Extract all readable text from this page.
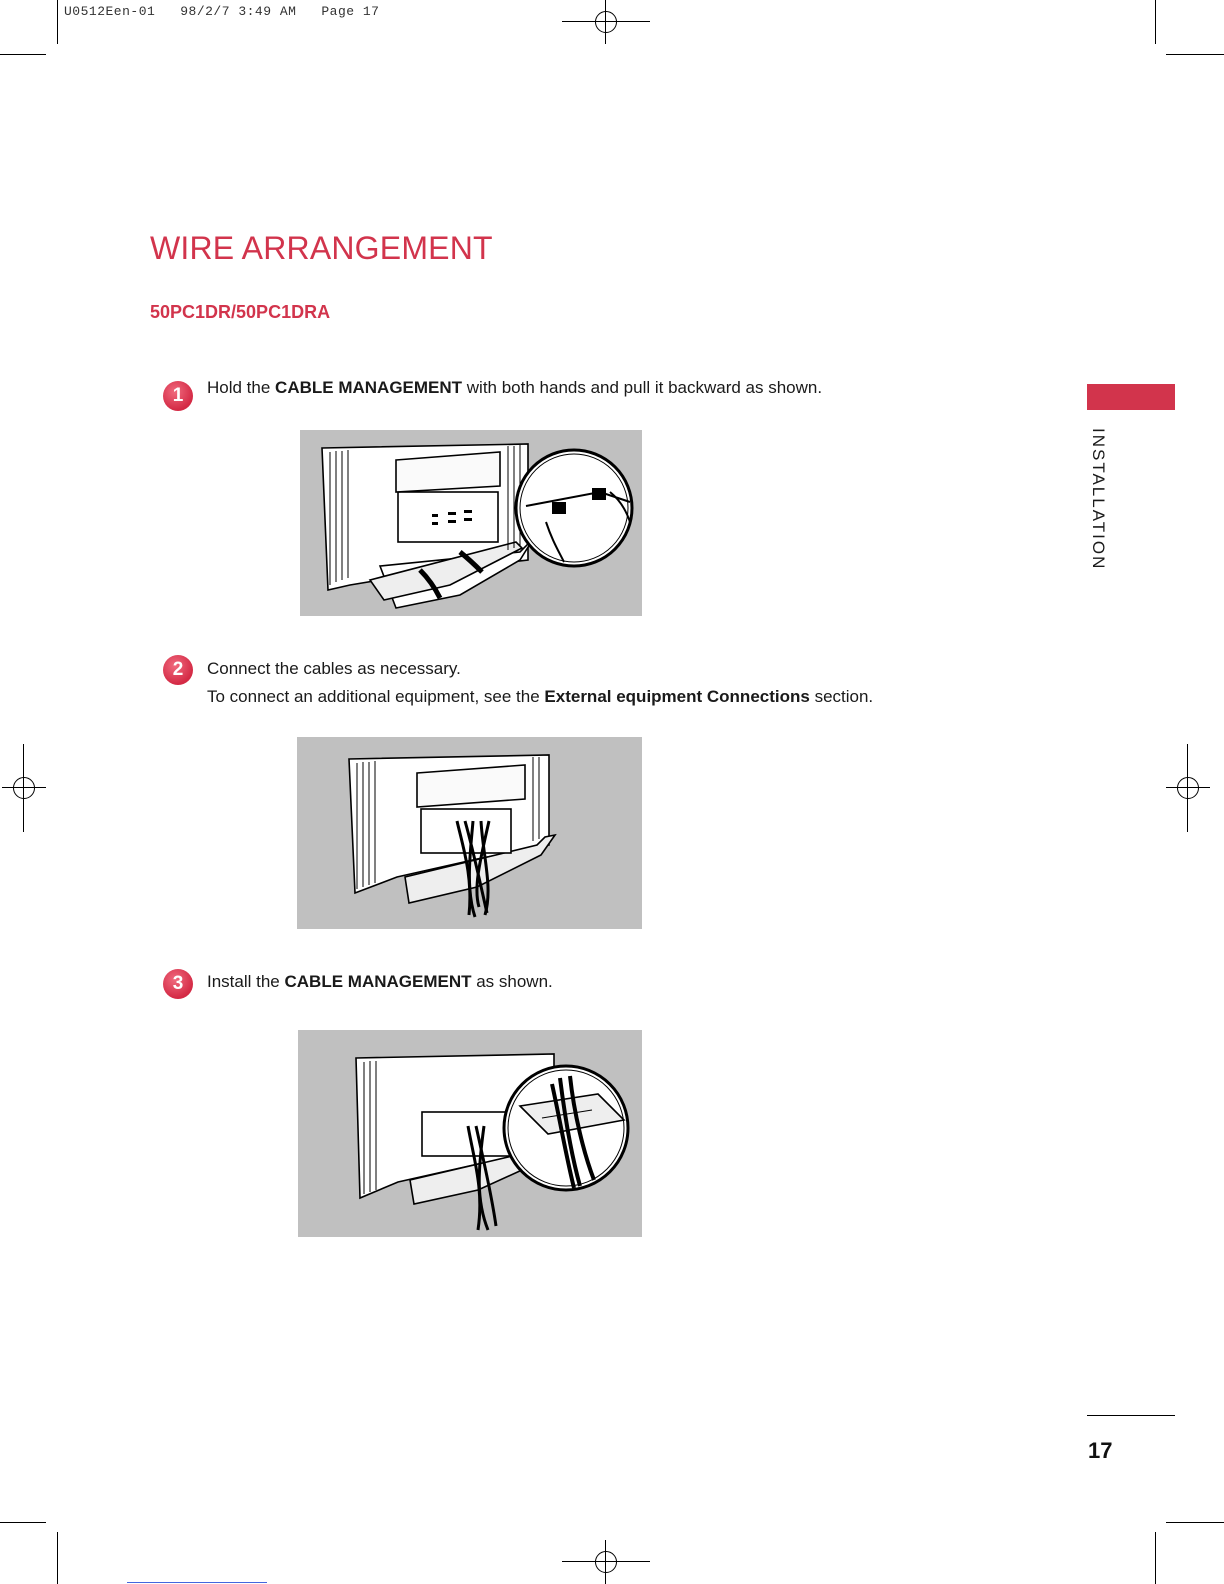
U0512Een-01   98/2/7 3:49 AM   Page 17
WIRE ARRANGEMENT
50PC1DR/50PC1DRA
1	Hold the CABLE MANAGEMENT with both hands and pull it backward as shown.
2	Connect the cables as necessary.
To connect an additional equipment, see the External equipment Connections section.
3	Install the CABLE MANAGEMENT as shown.
INSTALLATION
17
